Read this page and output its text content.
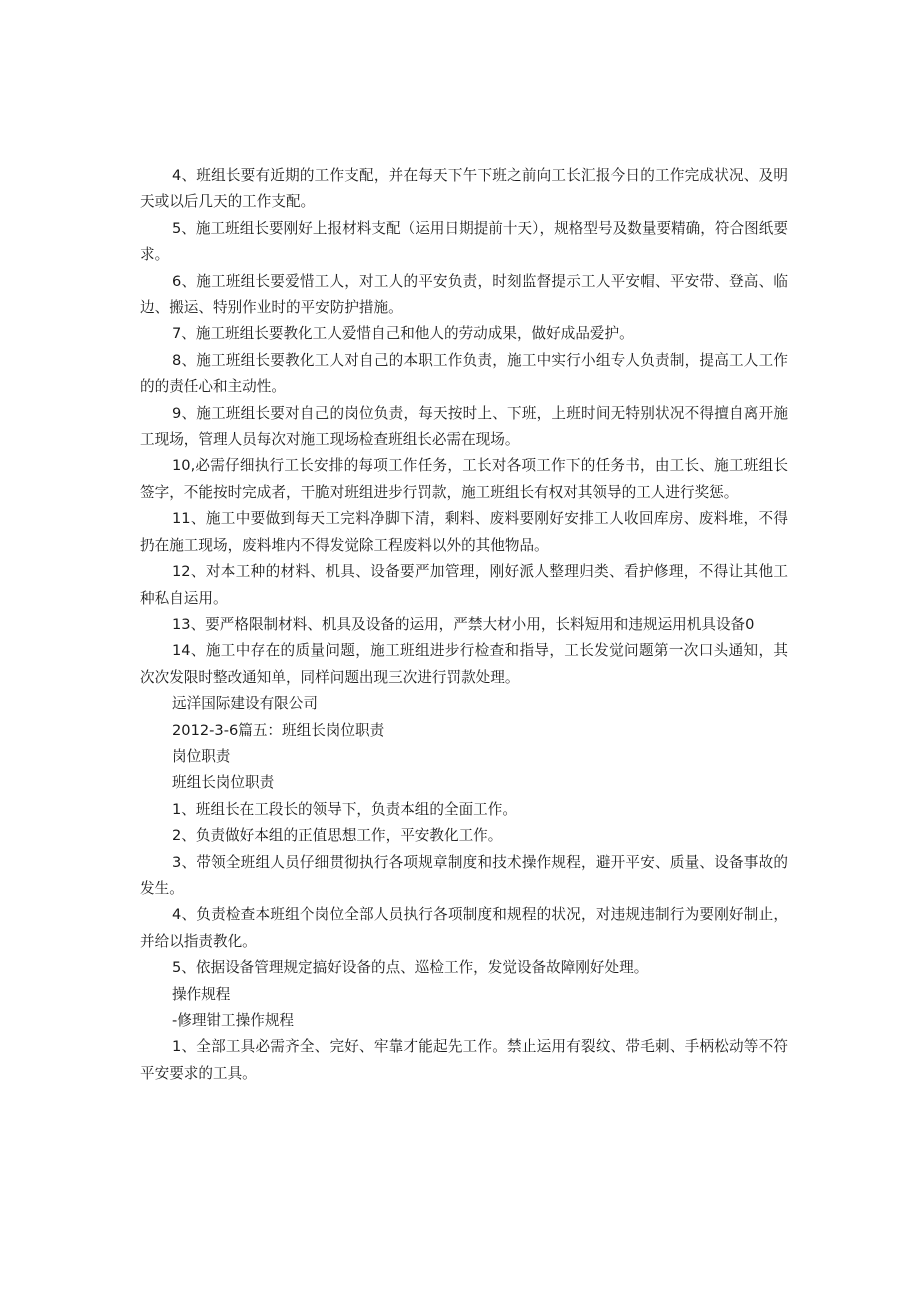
4、班组长要有近期的工作支配，并在每天下午下班之前向工长汇报今日的工作完成状况、及明天或以后几天的工作支配。

5、施工班组长要刚好上报材料支配（运用日期提前十天），规格型号及数量要精确，符合图纸要求。

6、施工班组长要爱惜工人，对工人的平安负责，时刻监督提示工人平安帽、平安带、登高、临边、搬运、特别作业时的平安防护措施。

7、施工班组长要教化工人爱惜自己和他人的劳动成果，做好成品爱护。

8、施工班组长要教化工人对自己的本职工作负责，施工中实行小组专人负责制，提高工人工作的的责任心和主动性。

9、施工班组长要对自己的岗位负责，每天按时上、下班，上班时间无特别状况不得擅自离开施工现场，管理人员每次对施工现场检查班组长必需在现场。

10,必需仔细执行工长安排的每项工作任务，工长对各项工作下的任务书，由工长、施工班组长签字，不能按时完成者，干脆对班组进步行罚款，施工班组长有权对其领导的工人进行奖惩。

11、施工中要做到每天工完料净脚下清，剩料、废料要刚好安排工人收回库房、废料堆，不得扔在施工现场，废料堆内不得发觉除工程废料以外的其他物品。

12、对本工种的材料、机具、设备要严加管理，刚好派人整理归类、看护修理，不得让其他工种私自运用。

13、要严格限制材料、机具及设备的运用，严禁大材小用，长料短用和违规运用机具设备0

14、施工中存在的质量问题，施工班组进步行检查和指导，工长发觉问题第一次口头通知，其次次发限时整改通知单，同样问题出现三次进行罚款处理。

远洋国际建设有限公司

2012-3-6篇五：班组长岗位职责

岗位职责

班组长岗位职责

1、班组长在工段长的领导下，负责本组的全面工作。

2、负责做好本组的正值思想工作，平安教化工作。

3、带领全班组人员仔细贯彻执行各项规章制度和技术操作规程，避开平安、质量、设备事故的发生。

4、负责检查本班组个岗位全部人员执行各项制度和规程的状况，对违规违制行为要刚好制止，并给以指责教化。

5、依据设备管理规定搞好设备的点、巡检工作，发觉设备故障刚好处理。

操作规程

-修理钳工操作规程

1、全部工具必需齐全、完好、牢靠才能起先工作。禁止运用有裂纹、带毛刺、手柄松动等不符平安要求的工具。
